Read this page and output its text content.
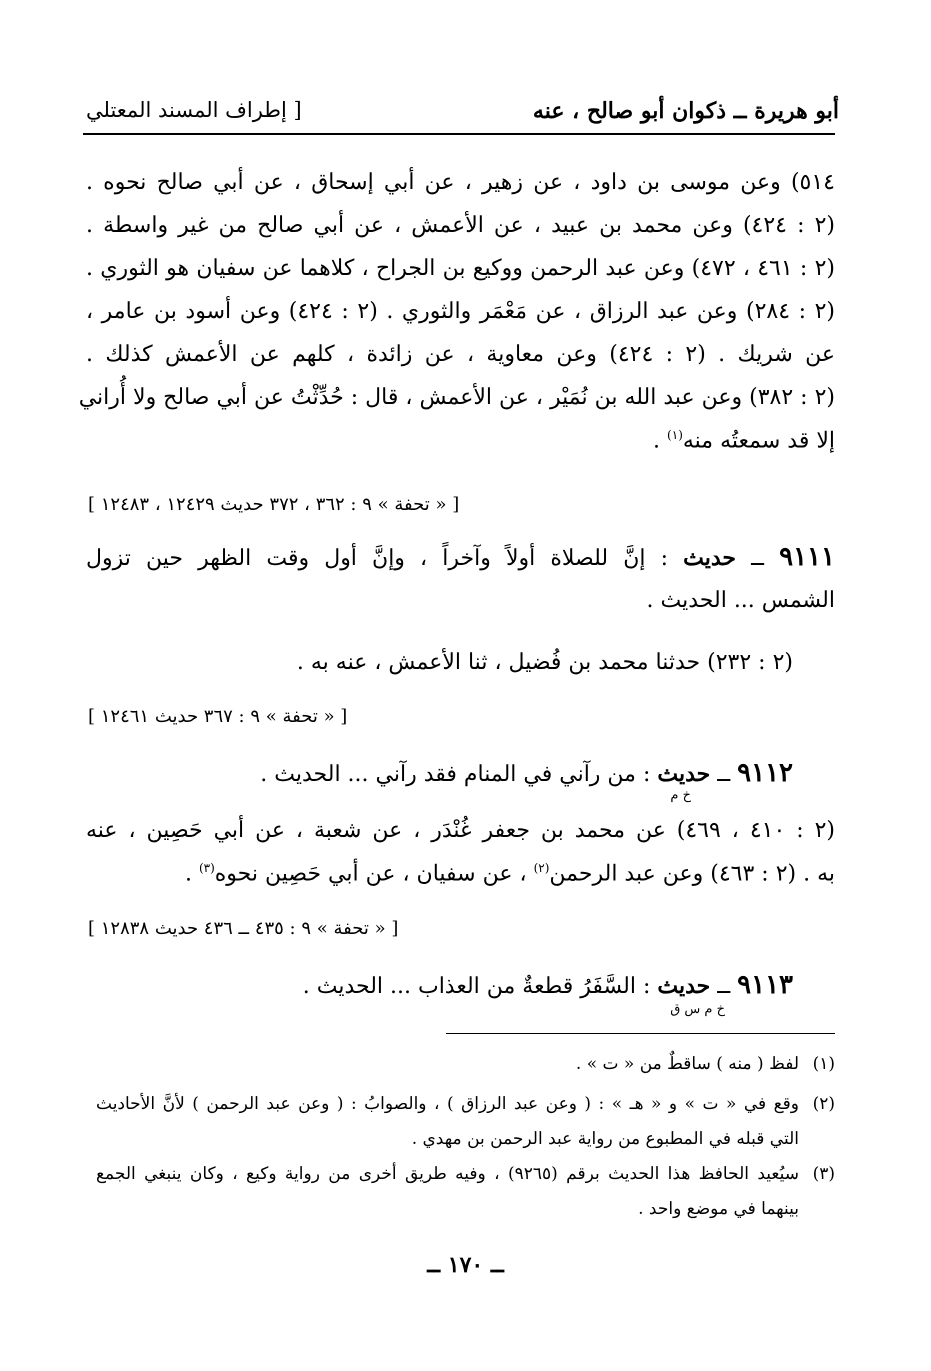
أبو هريرة ــ ذكوان أبو صالح ، عنه
[ إطراف المسند المعتلي
٥١٤) وعن موسى بن داود ، عن زهير ، عن أبي إسحاق ، عن أبي صالح نحوه .
(٢ : ٤٢٤) وعن محمد بن عبيد ، عن الأعمش ، عن أبي صالح من غير واسطة .
(٢ : ٤٦١ ، ٤٧٢) وعن عبد الرحمن ووكيع بن الجراح ، كلاهما عن سفيان هو الثوري .
(٢ : ٢٨٤) وعن عبد الرزاق ، عن مَعْمَر والثوري . (٢ : ٤٢٤) وعن أسود بن عامر ،
عن شريك . (٢ : ٤٢٤) وعن معاوية ، عن زائدة ، كلهم عن الأعمش كذلك .
(٢ : ٣٨٢) وعن عبد الله بن نُمَيْر ، عن الأعمش ، قال : حُدِّثْتُ عن أبي صالح ولا أُراني
إلا قد سمعتُه منه$^{(١)}$ .
[ « تحفة » ٩ : ٣٦٢ ، ٣٧٢ حديث ١٢٤٢٩ ، ١٢٤٨٣ ]
٩١١١ ــ حديث : إنَّ للصلاة أولاً وآخراً ، وإنَّ أول وقت الظهر حين تزول
الشمس ... الحديث .
(٢ : ٢٣٢) حدثنا محمد بن فُضيل ، ثنا الأعمش ، عنه به .
[ « تحفة » ٩ : ٣٦٧ حديث ١٢٤٦١ ]
٩١١٢ ــ حديث : من رآني في المنام فقد رآني ... الحديث .
خ م
(٢ : ٤١٠ ، ٤٦٩) عن محمد بن جعفر غُنْدَر ، عن شعبة ، عن أبي حَصِين ، عنه
به . (٢ : ٤٦٣) وعن عبد الرحمن$^{(٢)}$ ، عن سفيان ، عن أبي حَصِين نحوه$^{(٣)}$ .
[ « تحفة » ٩ : ٤٣٥ ــ ٤٣٦ حديث ١٢٨٣٨ ]
٩١١٣ ــ حديث : السَّفَرُ قطعةٌ من العذاب ... الحديث .
خ م س ق
(١)
لفظ ( منه ) ساقطٌ من « ت » .
(٢)
وقع في « ت » و « هـ » : ( وعن عبد الرزاق ) ، والصوابُ : ( وعن عبد الرحمن ) لأنَّ الأحاديث
التي قبله في المطبوع من رواية عبد الرحمن بن مهدي .
(٣)
سيُعيد الحافظ هذا الحديث برقم (٩٢٦٥) ، وفيه طريق أخرى من رواية وكيع ، وكان ينبغي الجمع
بينهما في موضع واحد .
ــ ١٧٠ ــ
